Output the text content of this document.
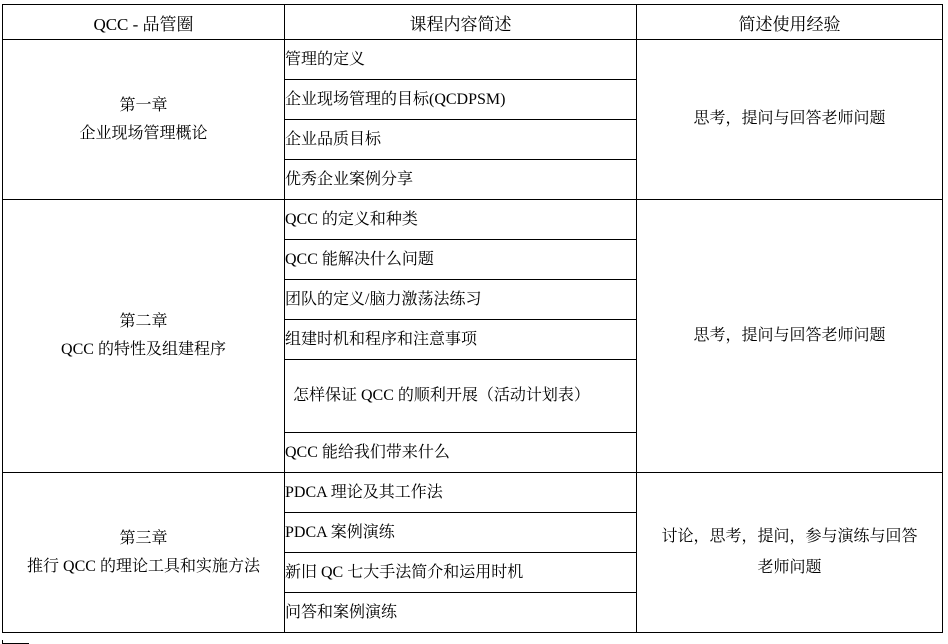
QCC - 品管圈	课程内容简述	简述使用经验

第一章
企业现场管理概论	管理的定义	思考，提问与回答老师问题

	企业现场管理的目标(QCDPSM)	
	企业品质目标	
	优秀企业案例分享	

第二章
QCC 的特性及组建程序	QCC 的定义和种类	思考，提问与回答老师问题

	QCC 能解决什么问题	
	团队的定义/脑力激荡法练习	
	组建时机和程序和注意事项	
	怎样保证 QCC 的顺利开展（活动计划表）	
	QCC 能给我们带来什么	

第三章
推行 QCC 的理论工具和实施方法	PDCA 理论及其工作法	讨论，思考，提问，参与演练与回答
老师问题

	PDCA 案例演练	
	新旧 QC 七大手法简介和运用时机	
	问答和案例演练	
